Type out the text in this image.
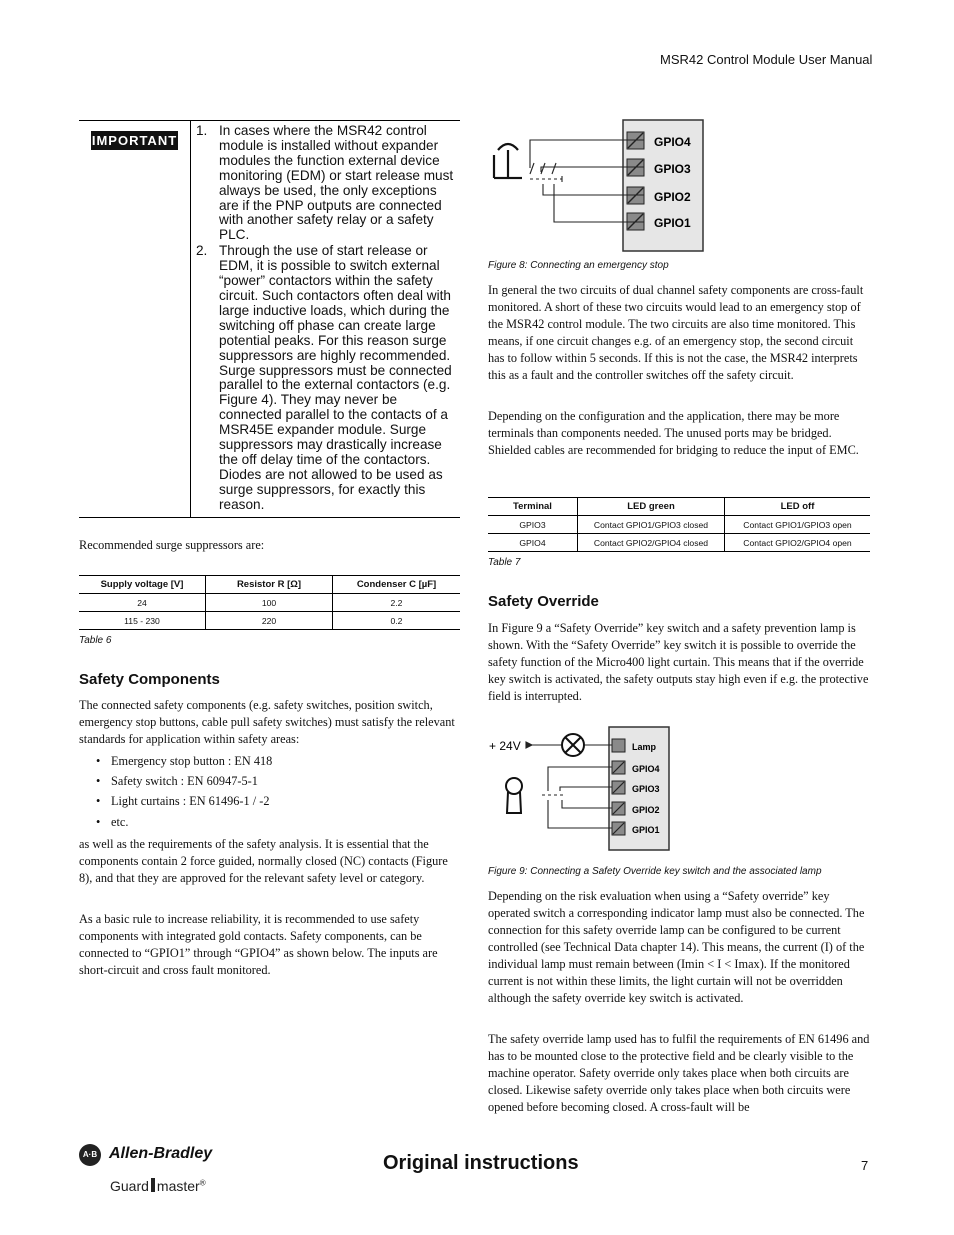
MSR42 Control Module User Manual
IMPORTANT
1. In cases where the MSR42 control module is installed without expander modules the function external device monitoring (EDM) or start release must always be used, the only exceptions are if the PNP outputs are connected with another safety relay or a safety PLC.
2. Through the use of start release or EDM, it is possible to switch external “power” contactors within the safety circuit. Such contactors often deal with large inductive loads, which during the switching off phase can create large potential peaks. For this reason surge suppressors are highly recommended. Surge suppressors must be connected parallel to the external contactors (e.g. Figure 4). They may never be connected parallel to the contacts of a MSR45E expander module. Surge suppressors may drastically increase the off delay time of the contactors. Diodes are not allowed to be used as surge suppressors, for exactly this reason.

Recommended surge suppressors are:

Supply voltage [V]	Resistor R [Ω]	Condenser C [µF]
24	100	2.2
115 - 230	220	0.2
Table 6
Safety Components

The connected safety components (e.g. safety switches, position switch, emergency stop buttons, cable pull safety switches) must satisfy the relevant standards for application within safety areas:

• Emergency stop button : EN 418
• Safety switch : EN 60947-5-1
• Light curtains : EN 61496-1 / -2
• etc.

as well as the requirements of the safety analysis. It is essential that the components contain 2 force guided, normally closed (NC) contacts (Figure 8), and that they are approved for the relevant safety level or category.

As a basic rule to increase reliability, it is recommended to use safety components with integrated gold contacts. Safety components, can be connected to “GPIO1” through “GPIO4” as shown below. The inputs are short-circuit and cross fault monitored.

GPIO4
GPIO3
GPIO2
GPIO1
Figure 8: Connecting an emergency stop

In general the two circuits of dual channel safety components are cross-fault monitored. A short of these two circuits would lead to an emergency stop of the MSR42 control module. The two circuits are also time monitored. This means, if one circuit changes e.g. of an emergency stop, the second circuit has to follow within 5 seconds. If this is not the case, the MSR42 interprets this as a fault and the controller switches off the safety circuit.

Depending on the configuration and the application, there may be more terminals than components needed. The unused ports may be bridged. Shielded cables are recommended for bridging to reduce the input of EMC.

Terminal	LED green	LED off
GPIO3	Contact GPIO1/GPIO3 closed	Contact GPIO1/GPIO3 open
GPIO4	Contact GPIO2/GPIO4 closed	Contact GPIO2/GPIO4 open
Table 7
Safety Override

In Figure 9 a “Safety Override” key switch and a safety prevention lamp is shown. With the “Safety Override” key switch it is possible to override the safety function of the Micro400 light curtain. This means that if the override key switch is activated, the safety outputs stay high even if e.g. the protective field is interrupted.

Lamp
GPIO4
GPIO3
GPIO2
GPIO1
+ 24V
Figure 9: Connecting a Safety Override key switch and the associated lamp

Depending on the risk evaluation when using a “Safety override” key operated switch a corresponding indicator lamp must also be connected. The connection for this safety override lamp can be configured to be current controlled (see Technical Data chapter 14). This means, the current (I) of the individual lamp must remain between (Imin < I < Imax). If the monitored current is not within these limits, the light curtain will not be overridden although the safety override key switch is activated.

The safety override lamp used has to fulfil the requirements of EN 61496 and has to be mounted close to the protective field and be clearly visible to the machine operator. Safety override only takes place when both circuits are closed. Likewise safety override only takes place when both circuits were opened before becoming closed. A cross-fault will be

A·B Allen-Bradley
Guard master®
Original instructions	7
